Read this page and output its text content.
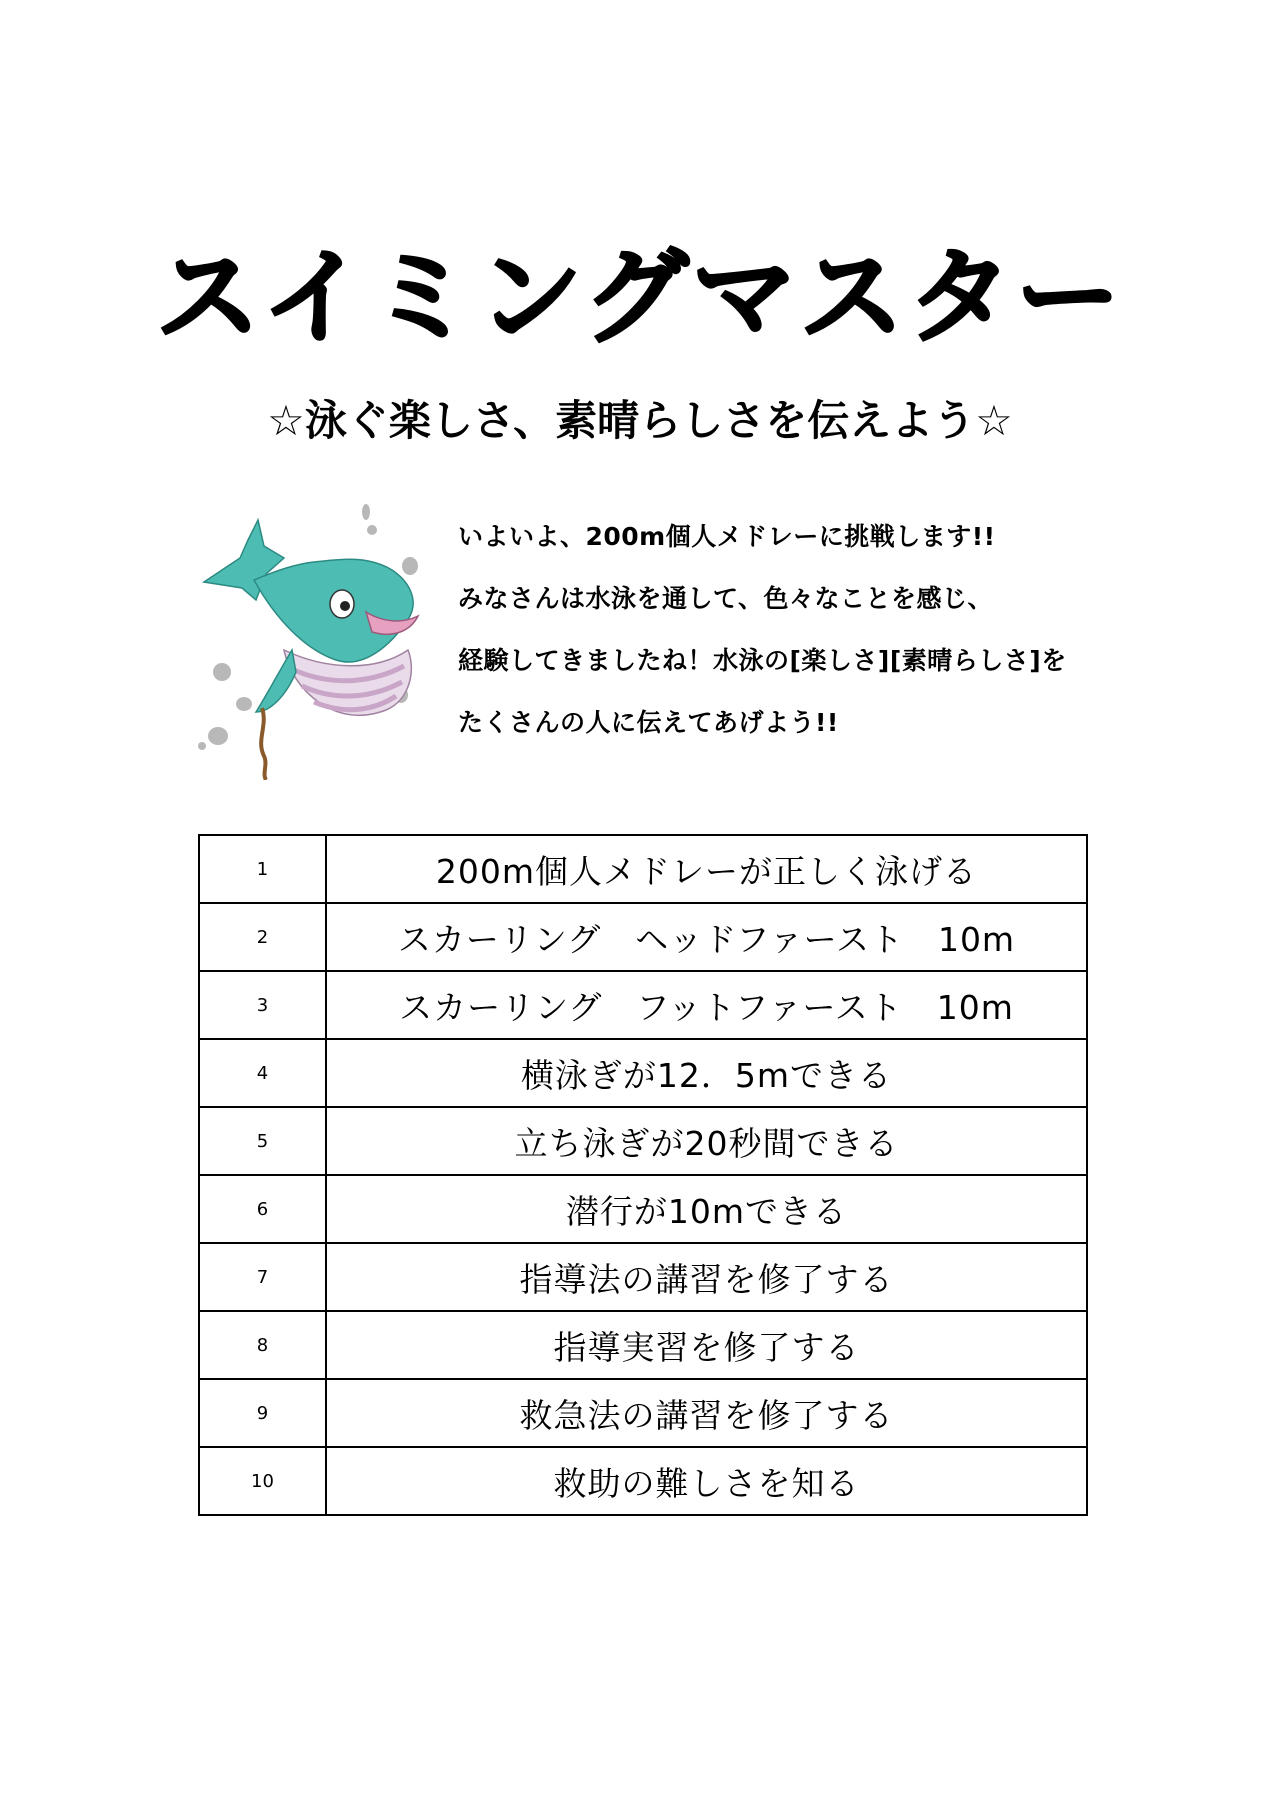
スイミングマスター
☆泳ぐ楽しさ、素晴らしさを伝えよう☆
いよいよ、200m個人メドレーに挑戦します!!
みなさんは水泳を通して、色々なことを感じ、
経験してきましたね！水泳の[楽しさ][素晴らしさ]を
たくさんの人に伝えてあげよう!!
1	200m個人メドレーが正しく泳げる
2	スカーリング　ヘッドファースト　10m
3	スカーリング　フットファースト　10m
4	横泳ぎが12．5mできる
5	立ち泳ぎが20秒間できる
6	潜行が10mできる
7	指導法の講習を修了する
8	指導実習を修了する
9	救急法の講習を修了する
10	救助の難しさを知る
